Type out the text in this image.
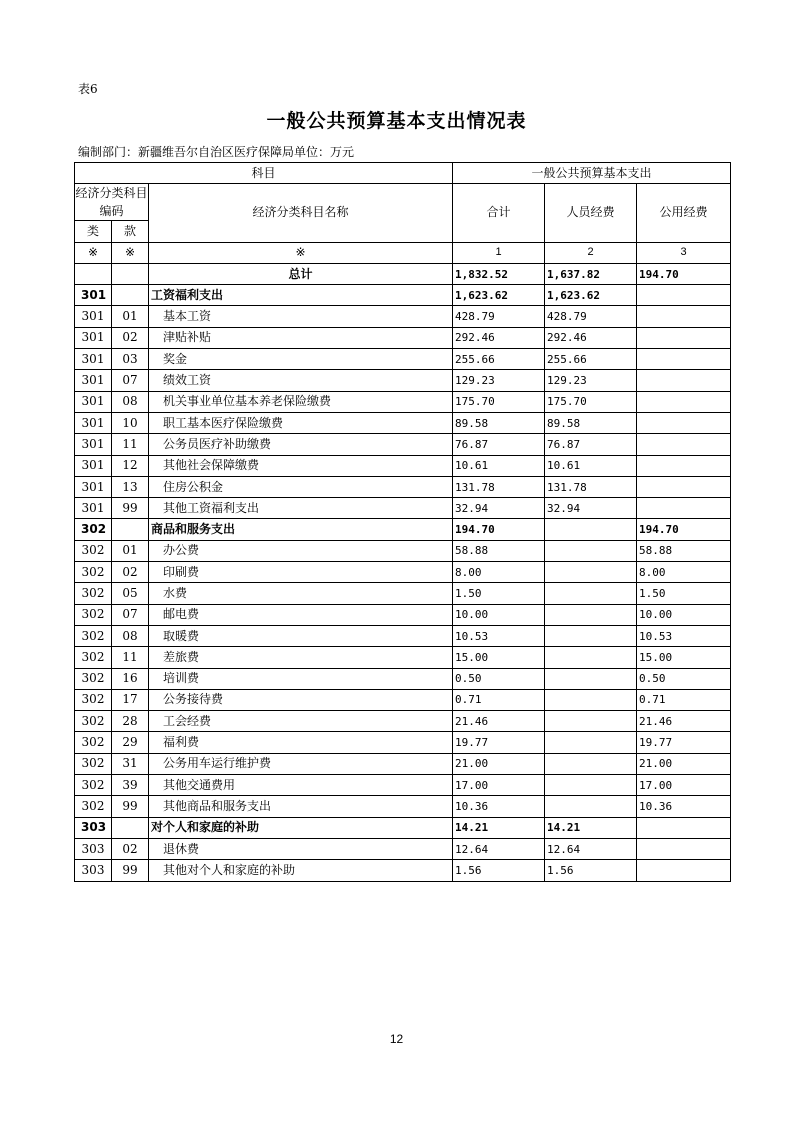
表6
一般公共预算基本支出情况表
编制部门：新疆维吾尔自治区医疗保障局单位：万元
科目			一般公共预算基本支出		
经济分类科目编码		经济分类科目名称	合计	人员经费	公用经费
类	款				
※	※	※	1	2	3
		总计	1,832.52	1,637.82	194.70
301		工资福利支出	1,623.62	1,623.62	
301	01	基本工资	428.79	428.79	
301	02	津贴补贴	292.46	292.46	
301	03	奖金	255.66	255.66	
301	07	绩效工资	129.23	129.23	
301	08	机关事业单位基本养老保险缴费	175.70	175.70	
301	10	职工基本医疗保险缴费	89.58	89.58	
301	11	公务员医疗补助缴费	76.87	76.87	
301	12	其他社会保障缴费	10.61	10.61	
301	13	住房公积金	131.78	131.78	
301	99	其他工资福利支出	32.94	32.94	
302		商品和服务支出	194.70		194.70
302	01	办公费	58.88		58.88
302	02	印刷费	8.00		8.00
302	05	水费	1.50		1.50
302	07	邮电费	10.00		10.00
302	08	取暖费	10.53		10.53
302	11	差旅费	15.00		15.00
302	16	培训费	0.50		0.50
302	17	公务接待费	0.71		0.71
302	28	工会经费	21.46		21.46
302	29	福利费	19.77		19.77
302	31	公务用车运行维护费	21.00		21.00
302	39	其他交通费用	17.00		17.00
302	99	其他商品和服务支出	10.36		10.36
303		对个人和家庭的补助	14.21	14.21	
303	02	退休费	12.64	12.64	
303	99	其他对个人和家庭的补助	1.56	1.56	
12
